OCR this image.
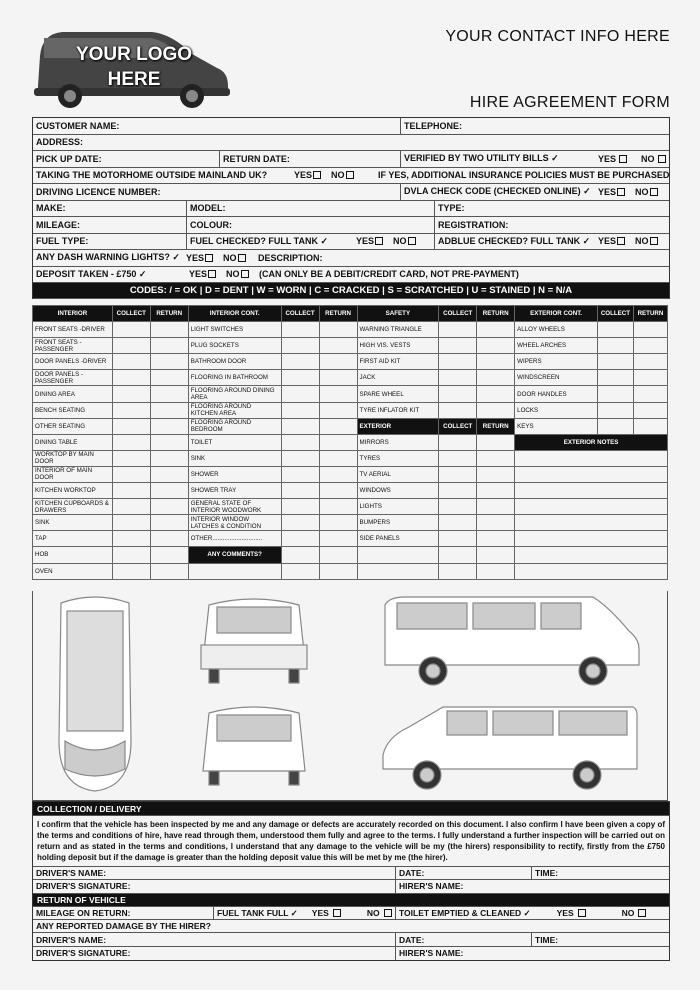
YOUR LOGO
HERE
YOUR CONTACT INFO HERE
HIRE AGREEMENT FORM
CUSTOMER NAME:	TELEPHONE:
ADDRESS:
PICK UP DATE:	RETURN DATE:	VERIFIED BY TWO UTILITY BILLS ✓	YES	NO
TAKING THE MOTORHOME OUTSIDE MAINLAND UK?	YES NO	IF YES, ADDITIONAL INSURANCE POLICIES MUST BE PURCHASED
DRIVING LICENCE NUMBER:	DVLA CHECK CODE (CHECKED ONLINE) ✓ YES NO
MAKE:	MODEL:	TYPE:
MILEAGE:	COLOUR:	REGISTRATION:
FUEL TYPE:	FUEL CHECKED? FULL TANK ✓	YES NO	ADBLUE CHECKED? FULL TANK ✓ YES NO
ANY DASH WARNING LIGHTS? ✓ YES NO	DESCRIPTION:
DEPOSIT TAKEN - £750 ✓	YES NO	(CAN ONLY BE A DEBIT/CREDIT CARD, NOT PRE-PAYMENT)
CODES: / = OK | D = DENT | W = WORN | C = CRACKED | S = SCRATCHED | U = STAINED | N = N/A
INTERIOR	COLLECT	RETURN	INTERIOR CONT.	COLLECT	RETURN	SAFETY	COLLECT	RETURN	EXTERIOR CONT.	COLLECT	RETURN
FRONT SEATS -DRIVER			LIGHT SWITCHES			WARNING TRIANGLE			ALLOY WHEELS		
FRONT SEATS - PASSENGER			PLUG SOCKETS			HIGH VIS. VESTS			WHEEL ARCHES		
DOOR PANELS -DRIVER			BATHROOM DOOR			FIRST AID KIT			WIPERS		
DOOR PANELS - PASSENGER			FLOORING IN BATHROOM			JACK			WINDSCREEN		
DINING AREA			FLOORING AROUND DINING AREA			SPARE WHEEL			DOOR HANDLES		
BENCH SEATING			FLOORING AROUND KITCHEN AREA			TYRE INFLATOR KIT			LOCKS		
OTHER SEATING			FLOORING AROUND BEDROOM			EXTERIOR	COLLECT	RETURN	KEYS		
DINING TABLE			TOILET			MIRRORS			EXTERIOR NOTES		
WORKTOP BY MAIN DOOR			SINK			TYRES					
INTERIOR OF MAIN DOOR			SHOWER			TV AERIAL					
KITCHEN WORKTOP			SHOWER TRAY			WINDOWS					
KITCHEN CUPBOARDS & DRAWERS			GENERAL STATE OF INTERIOR WOODWORK			LIGHTS					
SINK			INTERIOR WINDOW LATCHES & CONDITION			BUMPERS					
TAP			OTHER.............................			SIDE PANELS					
HOB			ANY COMMENTS?								
OVEN											
COLLECTION / DELIVERY
I confirm that the vehicle has been inspected by me and any damage or defects are accurately recorded on this document. I also confirm I have been given a copy of the terms and conditions of hire, have read through them, understood them fully and agree to the terms. I fully understand a further inspection will be carried out on return and as stated in the terms and conditions, I understand that any damage to the vehicle will be my (the hirers) responsibility to rectify, firstly from the £750 holding deposit but if the damage is greater than the holding deposit value this will be met by me (the hirer).
DRIVER'S NAME:	DATE:	TIME:
DRIVER'S SIGNATURE:	HIRER'S NAME:
RETURN OF VEHICLE
MILEAGE ON RETURN:	FUEL TANK FULL ✓ YES	NO TOILET EMPTIED & CLEANED ✓	YES	NO
ANY REPORTED DAMAGE BY THE HIRER?
DRIVER'S NAME:	DATE:	TIME:
DRIVER'S SIGNATURE:	HIRER'S NAME:
